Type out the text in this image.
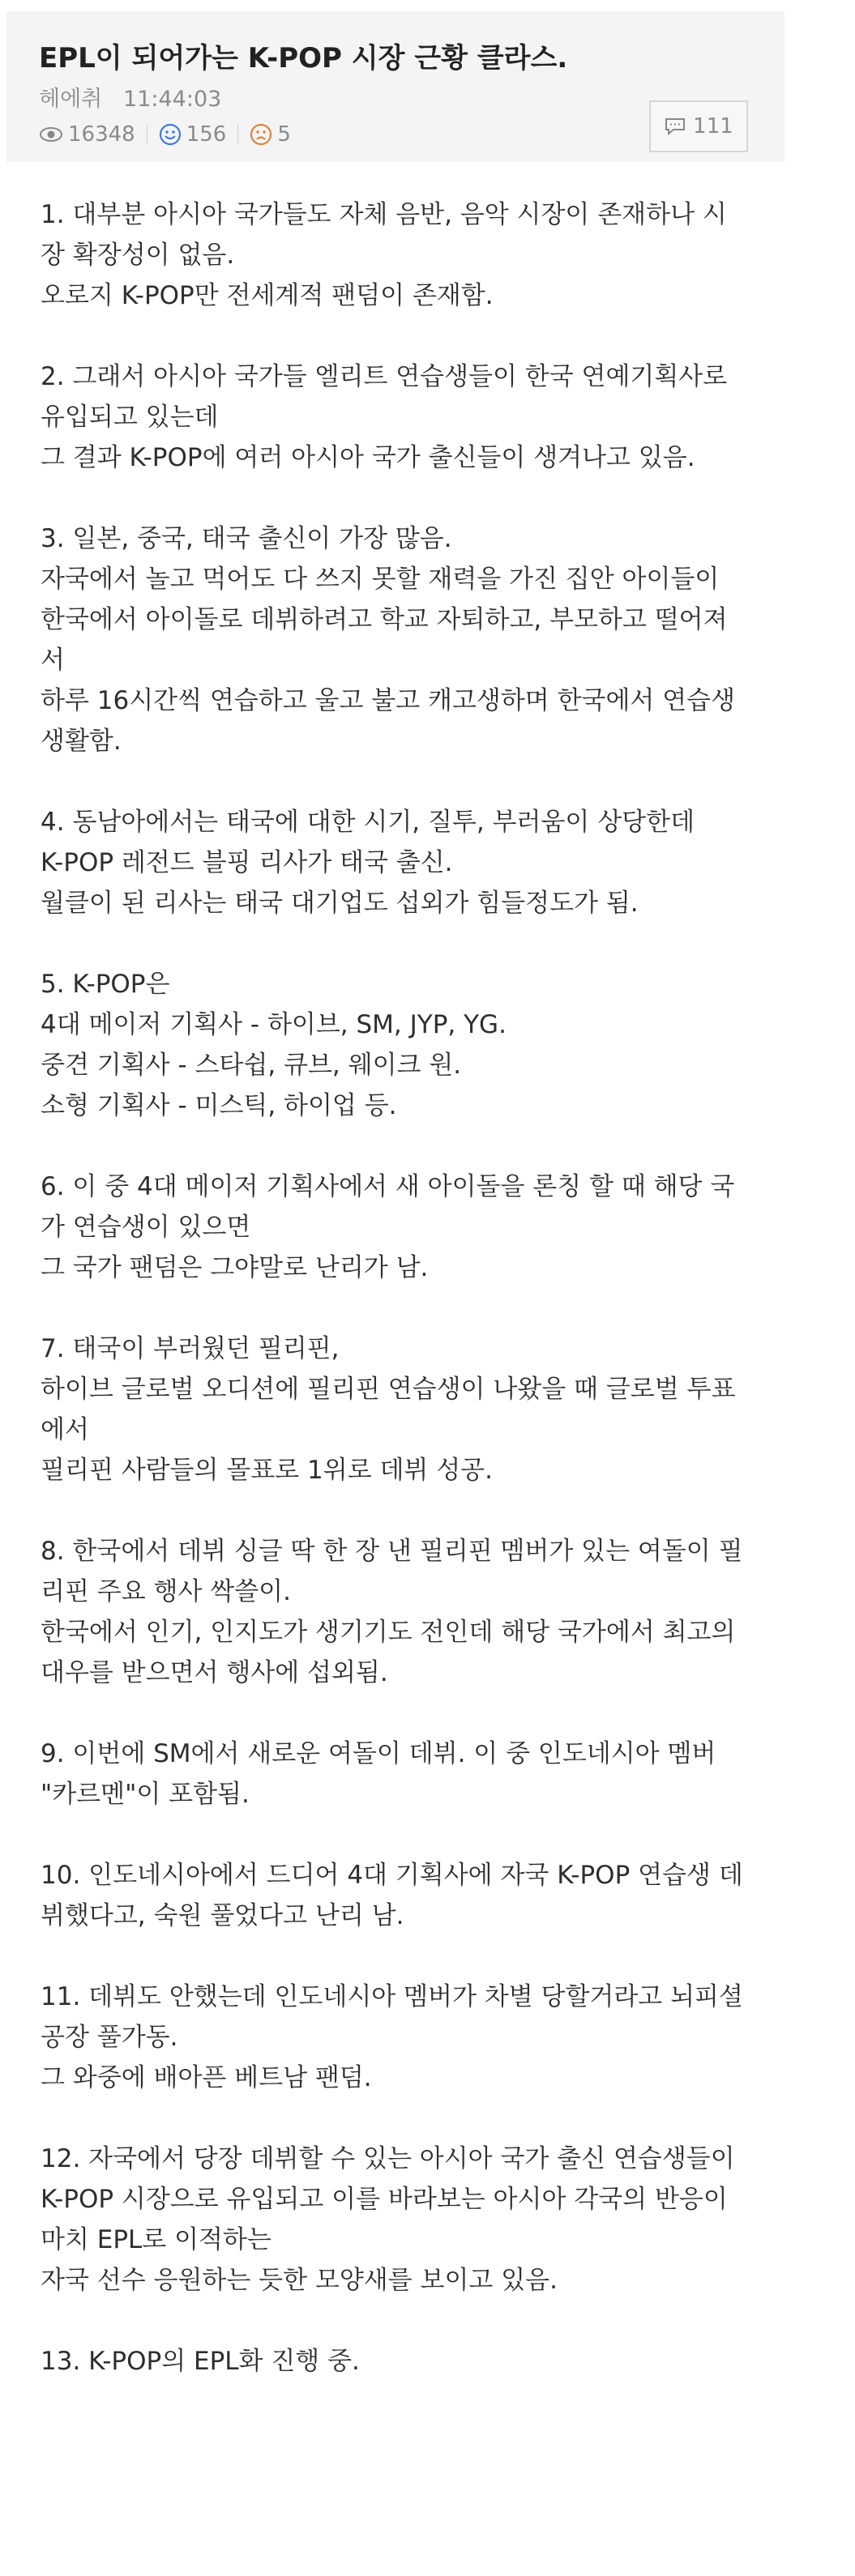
EPL이 되어가는 K-POP 시장 근황 클라스.
헤에취 11:44:03
16348 156 5	111
1. 대부분 아시아 국가들도 자체 음반, 음악 시장이 존재하나 시
장 확장성이 없음.
오로지 K-POP만 전세계적 팬덤이 존재함.
2. 그래서 아시아 국가들 엘리트 연습생들이 한국 연예기획사로
유입되고 있는데
그 결과 K-POP에 여러 아시아 국가 출신들이 생겨나고 있음.
3. 일본, 중국, 태국 출신이 가장 많음.
자국에서 놀고 먹어도 다 쓰지 못할 재력을 가진 집안 아이들이
한국에서 아이돌로 데뷔하려고 학교 자퇴하고, 부모하고 떨어져
서
하루 16시간씩 연습하고 울고 불고 캐고생하며 한국에서 연습생
생활함.
4. 동남아에서는 태국에 대한 시기, 질투, 부러움이 상당한데
K-POP 레전드 블핑 리사가 태국 출신.
월클이 된 리사는 태국 대기업도 섭외가 힘들정도가 됨.
5. K-POP은
4대 메이저 기획사 - 하이브, SM, JYP, YG.
중견 기획사 - 스타쉽, 큐브, 웨이크 원.
소형 기획사 - 미스틱, 하이업 등.
6. 이 중 4대 메이저 기획사에서 새 아이돌을 론칭 할 때 해당 국
가 연습생이 있으면
그 국가 팬덤은 그야말로 난리가 남.
7. 태국이 부러웠던 필리핀,
하이브 글로벌 오디션에 필리핀 연습생이 나왔을 때 글로벌 투표
에서
필리핀 사람들의 몰표로 1위로 데뷔 성공.
8. 한국에서 데뷔 싱글 딱 한 장 낸 필리핀 멤버가 있는 여돌이 필
리핀 주요 행사 싹쓸이.
한국에서 인기, 인지도가 생기기도 전인데 해당 국가에서 최고의
대우를 받으면서 행사에 섭외됨.
9. 이번에 SM에서 새로운 여돌이 데뷔. 이 중 인도네시아 멤버
"카르멘"이 포함됨.
10. 인도네시아에서 드디어 4대 기획사에 자국 K-POP 연습생 데
뷔했다고, 숙원 풀었다고 난리 남.
11. 데뷔도 안했는데 인도네시아 멤버가 차별 당할거라고 뇌피셜
공장 풀가동.
그 와중에 배아픈 베트남 팬덤.
12. 자국에서 당장 데뷔할 수 있는 아시아 국가 출신 연습생들이
K-POP 시장으로 유입되고 이를 바라보는 아시아 각국의 반응이
마치 EPL로 이적하는
자국 선수 응원하는 듯한 모양새를 보이고 있음.
13. K-POP의 EPL화 진행 중.
